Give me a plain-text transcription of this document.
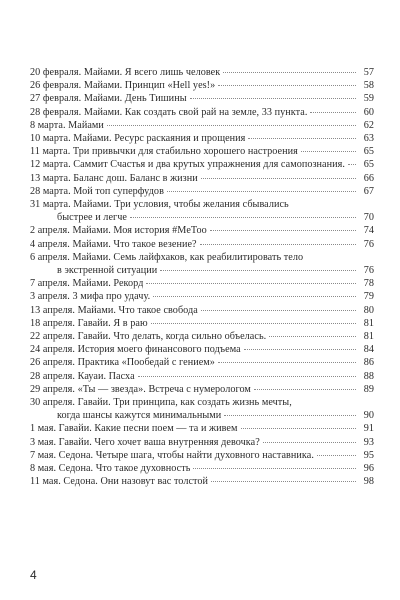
20 февраля. Майами. Я всего лишь человек	57
26 февраля. Майами. Принцип «Hell yes!»	58
27 февраля. Майами. День Тишины	59
28 февраля. Майами. Как создать свой рай на земле, 33 пункта.	60
8 марта. Майами	62
10 марта. Майами. Ресурс раскаяния и прощения	63
11 марта. Три привычки для стабильно хорошего настроения	65
12 марта. Саммит Счастья и два крутых упражнения для самопознания.	65
13 марта. Баланс дош. Баланс в жизни	66
28 марта. Мой топ суперфудов	67
31 марта. Майами. Три условия, чтобы желания сбывались
быстрее и легче	70
2 апреля. Майами. Моя история #MeToo	74
4 апреля. Майами. Что такое везение?	76
6 апреля. Майами. Семь лайфхаков, как реабилитировать тело
в экстренной ситуации	76
7 апреля. Майами. Рекорд	78
3 апреля. 3 мифа про удачу.	79
13 апреля. Майами. Что такое свобода	80
18 апреля. Гавайи. Я в раю	81
22 апреля. Гавайи. Что делать, когда сильно объелась.	81
24 апреля. История моего финансового подъема	84
26 апреля. Практика «Пообедай с гением»	86
28 апреля. Кауаи. Пасха	88
29 апреля. «Ты — звезда». Встреча с нумерологом	89
30 апреля. Гавайи. Три принципа, как создать жизнь мечты,
когда шансы кажутся минимальными	90
1 мая. Гавайи. Какие песни поем — та и живем	91
3 мая. Гавайи. Чего хочет ваша внутренняя девочка?	93
7 мая. Седона. Четыре шага, чтобы найти духовного наставника.	95
8 мая. Седона. Что такое духовность	96
11 мая. Седона. Они назовут вас толстой	98
4
